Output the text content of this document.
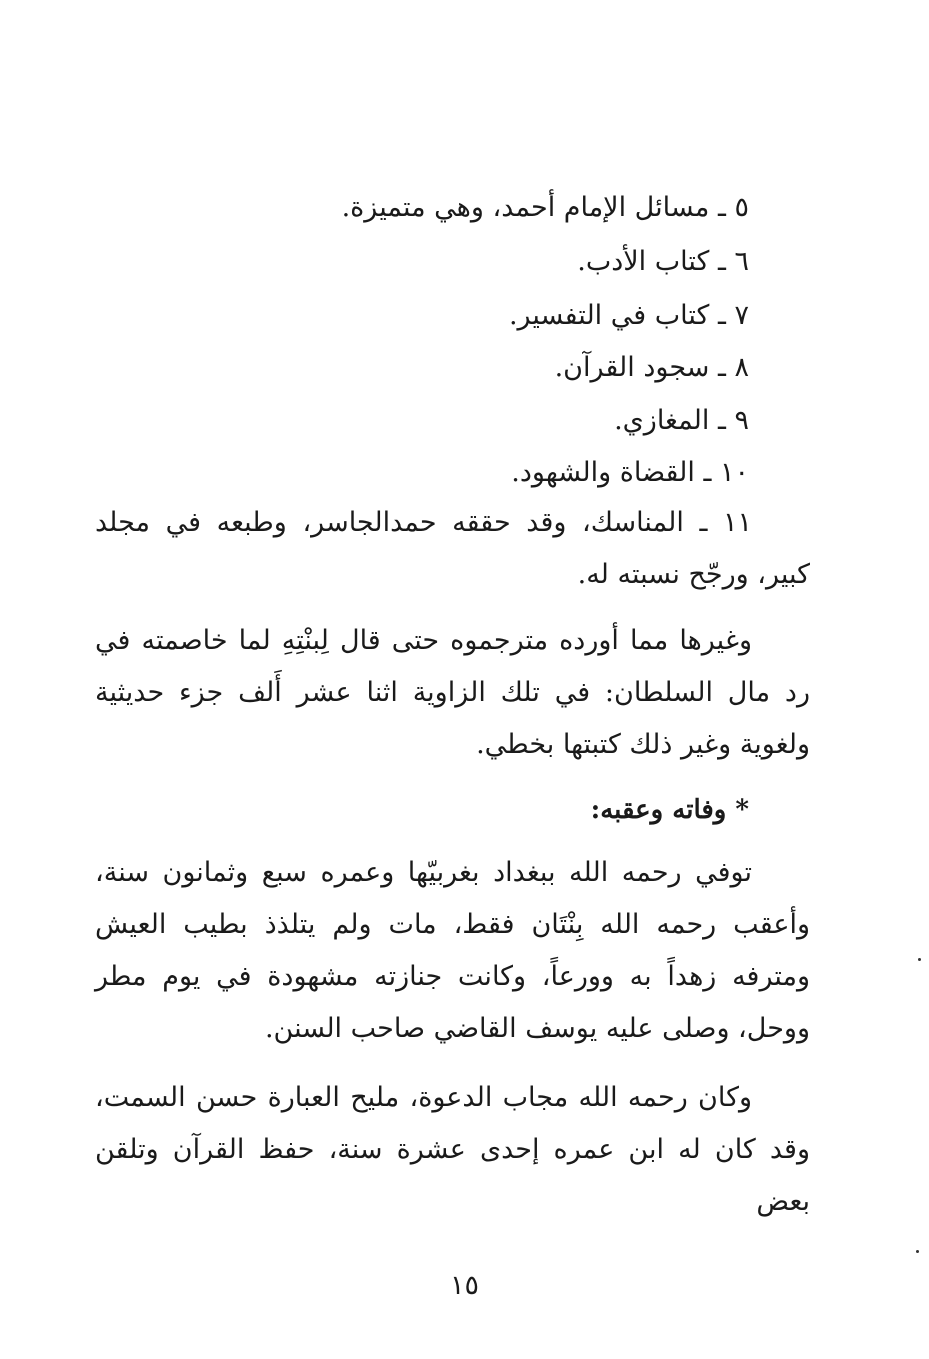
٥ ـ مسائل الإمام أحمد، وهي متميزة.
٦ ـ كتاب الأدب.
٧ ـ كتاب في التفسير.
٨ ـ سجود القرآن.
٩ ـ المغازي.
١٠ ـ القضاة والشهود.
١١ ـ المناسك، وقد حققه حمدالجاسر، وطبعه في مجلد كبير، ورجّح نسبته له.
وغيرها مما أورده مترجموه حتى قال لِبنْتِهِ لما خاصمته في رد مال السلطان: في تلك الزاوية اثنا عشر أَلف جزء حديثية ولغوية وغير ذلك كتبتها بخطي.
* وفاته وعقبه:
توفي رحمه الله ببغداد بغربيّها وعمره سبع وثمانون سنة، وأعقب رحمه الله بِنْتَان فقط، مات ولم يتلذذ بطيب العيش ومترفه زهداً به وورعاً، وكانت جنازته مشهودة في يوم مطر ووحل، وصلى عليه يوسف القاضي صاحب السنن.
وكان رحمه الله مجاب الدعوة، مليح العبارة حسن السمت، وقد كان له ابن عمره إحدى عشرة سنة، حفظ القرآن وتلقن بعض
١٥
